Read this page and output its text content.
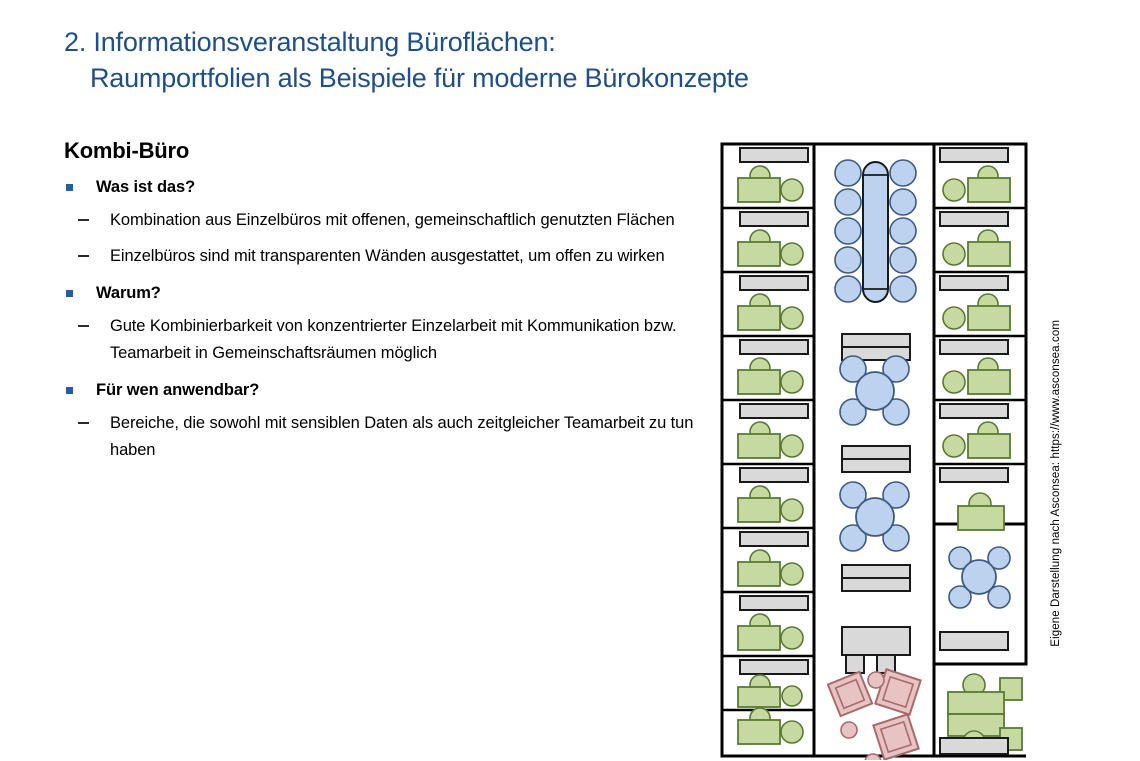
2. Informationsveranstaltung Büroflächen:
Raumportfolien als Beispiele für moderne Bürokonzepte
Kombi-Büro
Was ist das?
Kombination aus Einzelbüros mit offenen, gemeinschaftlich genutzten Flächen
Einzelbüros sind mit transparenten Wänden ausgestattet, um offen zu wirken
Warum?
Gute Kombinierbarkeit von konzentrierter Einzelarbeit mit Kommunikation bzw. Teamarbeit in Gemeinschaftsräumen möglich
Für wen anwendbar?
Bereiche, die sowohl mit sensiblen Daten als auch zeitgleicher Teamarbeit zu tun haben	Eigene Darstellung nach Asconsea: https://www.asconsea.com
